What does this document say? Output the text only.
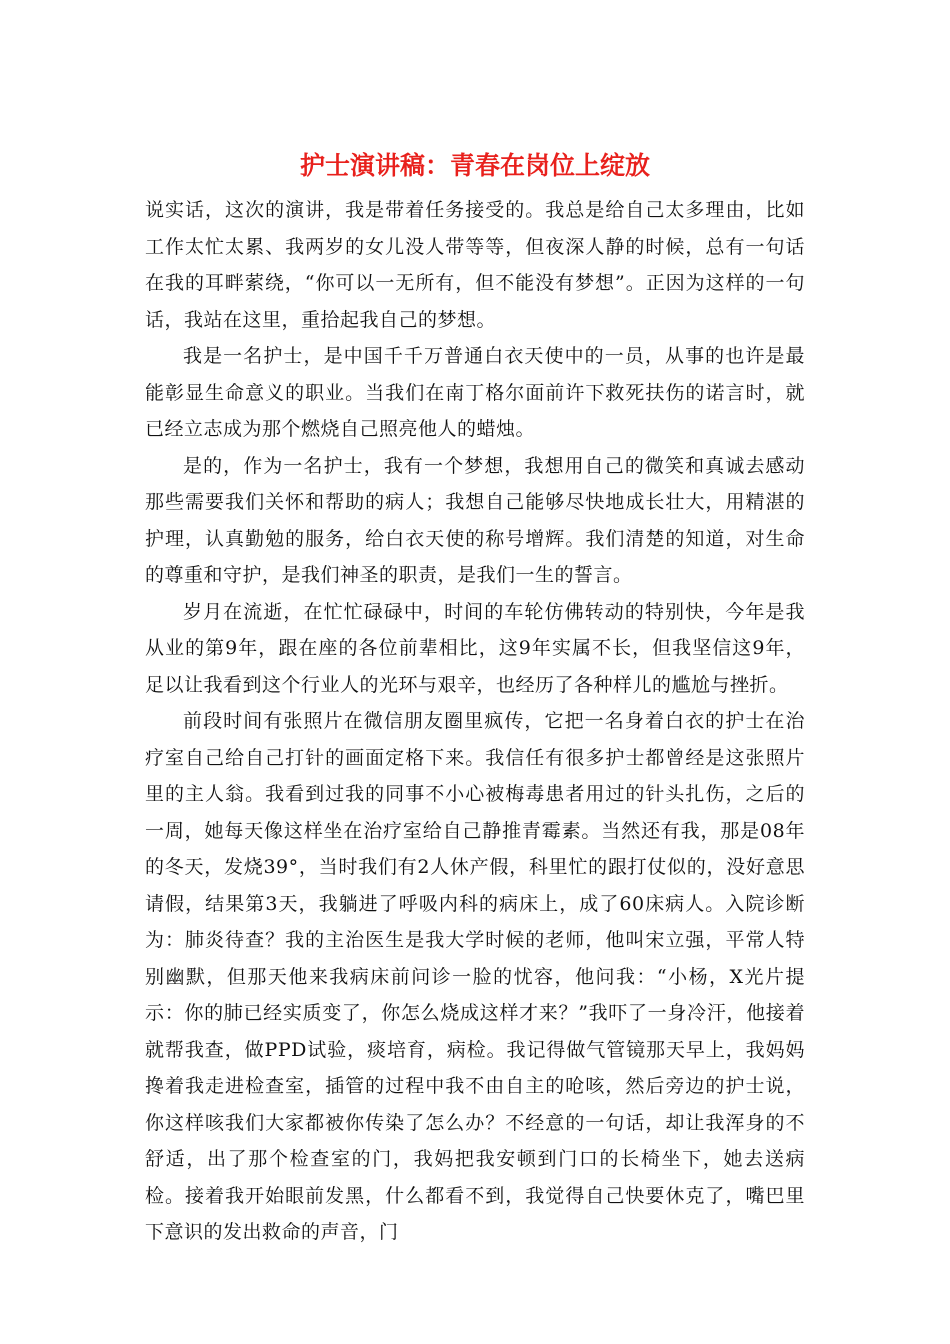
护士演讲稿：青春在岗位上绽放

说实话，这次的演讲，我是带着任务接受的。我总是给自己太多理由，比如工作太忙太累、我两岁的女儿没人带等等，但夜深人静的时候，总有一句话在我的耳畔萦绕，“你可以一无所有，但不能没有梦想”。正因为这样的一句话，我站在这里，重拾起我自己的梦想。

我是一名护士，是中国千千万普通白衣天使中的一员，从事的也许是最能彰显生命意义的职业。当我们在南丁格尔面前许下救死扶伤的诺言时，就已经立志成为那个燃烧自己照亮他人的蜡烛。

是的，作为一名护士，我有一个梦想，我想用自己的微笑和真诚去感动那些需要我们关怀和帮助的病人；我想自己能够尽快地成长壮大，用精湛的护理，认真勤勉的服务，给白衣天使的称号增辉。我们清楚的知道，对生命的尊重和守护，是我们神圣的职责，是我们一生的誓言。

岁月在流逝，在忙忙碌碌中，时间的车轮仿佛转动的特别快，今年是我从业的第9年，跟在座的各位前辈相比，这9年实属不长，但我坚信这9年，足以让我看到这个行业人的光环与艰辛，也经历了各种样儿的尴尬与挫折。

前段时间有张照片在微信朋友圈里疯传，它把一名身着白衣的护士在治疗室自己给自己打针的画面定格下来。我信任有很多护士都曾经是这张照片里的主人翁。我看到过我的同事不小心被梅毒患者用过的针头扎伤，之后的一周，她每天像这样坐在治疗室给自己静推青霉素。当然还有我，那是08年的冬天，发烧39°，当时我们有2人休产假，科里忙的跟打仗似的，没好意思请假，结果第3天，我躺进了呼吸内科的病床上，成了60床病人。入院诊断为：肺炎待查？我的主治医生是我大学时候的老师，他叫宋立强，平常人特别幽默，但那天他来我病床前问诊一脸的忧容，他问我：“小杨，X光片提示：你的肺已经实质变了，你怎么烧成这样才来？”我吓了一身冷汗，他接着就帮我查，做PPD试验，痰培育，病检。我记得做气管镜那天早上，我妈妈搀着我走进检查室，插管的过程中我不由自主的呛咳，然后旁边的护士说，你这样咳我们大家都被你传染了怎么办？不经意的一句话，却让我浑身的不舒适，出了那个检查室的门，我妈把我安顿到门口的长椅坐下，她去送病检。接着我开始眼前发黑，什么都看不到，我觉得自己快要休克了，嘴巴里下意识的发出救命的声音，门
